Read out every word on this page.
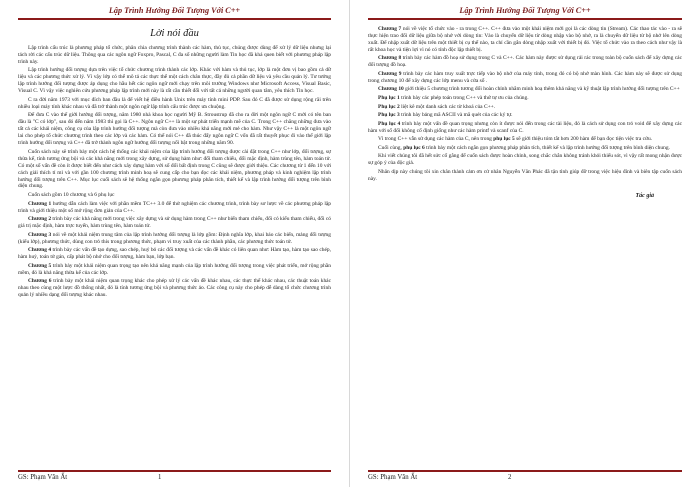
Lập Trình Hướng Đối Tượng Với C++
Lời nói đầu

Lập trình cấu trúc là phương pháp tổ chức, phân chia chương trình thành các hàm, thủ tục, chúng được dùng để xử lý dữ liệu nhưng lại tách rời các cấu trúc dữ liệu. Thông qua các ngôn ngữ Foxpro, Pascal, C đa số những người làm Tin học đã khá quen biết với phương pháp lập trình này.

Lập trình hướng đối tượng dựa trên việc tổ chức chương trình thành các lớp. Khác với hàm và thủ tục, lớp là một đơn vị bao gồm cả dữ liệu và các phương thức xử lý. Vì vậy lớp có thể mô tả các thực thể một cách chân thực, đầy đủ cả phần dữ liệu và yêu cầu quản lý. Tư tưởng lập trình hướng đối tượng được áp dụng cho hầu hết các ngôn ngữ mới chạy trên môi trường Windows như Microsoft Access, Visual Basic, Visual C. Vì vậy việc nghiên cứu phương pháp lập trình mới này là rất cần thiết đối với tất cả những người quan tâm, yêu thích Tin học.

C ra đời năm 1973 với mục đích ban đầu là để viết hệ điều hành Unix trên máy tính mini PDP. Sau đó C đã được sử dụng rộng rãi trên nhiều loại máy tính khác nhau và đã trở thành một ngôn ngữ lập trình cấu trúc được ưa chuộng.

Để đưa C vào thế giới hướng đối tượng, năm 1980 nhà khoa học người Mỹ B. Stroustrup đã cho ra đời một ngôn ngữ C mới có tên ban đầu là "C có lớp", sau đó đến năm 1983 thì gọi là C++. Ngôn ngữ C++ là một sự phát triển mạnh mẽ của C. Trong C++ chẳng những đưa vào tất cả các khái niệm, công cụ của lập trình hướng đối tượng mà còn đưa vào nhiều khả năng mới mẻ cho hàm. Như vậy C++ là một ngôn ngữ lai cho phép tổ chức chương trình theo các lớp và các hàm. Có thể nói C++ đã thúc đẩy ngôn ngữ C vốn đã rất thuyết phục đi vào thế giới lập trình hướng đối tượng và C++ đã trở thành ngôn ngữ hướng đối tượng nổi bật trong những năm 90.

Cuốn sách này sẽ trình bày một cách hệ thống các khái niệm của lập trình hướng đối tượng được cài đặt trong C++ như lớp, đối tượng, sự thừa kế, tính tương ứng bội và các khả năng mới trong xây dựng, sử dụng hàm như: đối tham chiếu, đối mặc định, hàm trùng tên, hàm toán tử. Có một số vấn đề còn ít được biết đến như cách xây dựng hàm với số đối bất định trong C cũng sẽ được giới thiệu. Các chương từ 1 đến 10 với cách giải thích tỉ mỉ và với gần 100 chương trình minh hoạ sẽ cung cấp cho bạn đọc các khái niệm, phương pháp và kinh nghiệm lập trình hướng đối tượng trên C++. Mục lục cuối sách sẽ hệ thống ngắn gọn phương pháp phân tích, thiết kế và lập trình hướng đối tượng trên bình diện chung.

Cuốn sách gồm 10 chương và 6 phụ lục

Chương 1 hướng dẫn cách làm việc với phần mềm TC++ 3.0 để thử nghiệm các chương trình, trình bày sơ lược về các phương pháp lập trình và giới thiệu một số mở rộng đơn giản của C++.

Chương 2 trình bày các khả năng mới trong việc xây dựng và sử dụng hàm trong C++ như biến tham chiếu, đối có kiểu tham chiếu, đối có giá trị mặc định, hàm trực tuyến, hàm trùng tên, hàm toán tử.

Chương 3 nói về một khái niệm trung tâm của lập trình hướng đối tượng là lớp gồm: Định nghĩa lớp, khai báo các biến, mảng đối tượng (kiểu lớp), phương thức, dùng con trỏ this trong phương thức, phạm vi truy xuất của các thành phần, các phương thức toán tử.

Chương 4 trình bày các vấn đề tạo dựng, sao chép, huỷ bỏ các đối tượng và các vấn đề khác có liên quan như: Hàm tạo, hàm tạo sao chép, hàm huỷ, toán tử gán, cấp phát bộ nhớ cho đối tượng, hàm bạn, lớp bạn.

Chương 5 trình bày một khái niệm quan trọng tạo nên khả năng mạnh của lập trình hướng đối tượng trong việc phát triển, mở rộng phần mềm, đó là khả năng thừa kế của các lớp.

Chương 6 trình bày một khái niệm quan trọng khác cho phép xử lý các vấn đề khác nhau, các thực thể khác nhau, các thuật toán khác nhau theo cùng một lược đồ thống nhất, đó là tính tương ứng bội và phương thức ảo. Các công cụ này cho phép dễ dàng tổ chức chương trình quản lý nhiều dạng đối tượng khác nhau.

GS: Phạm Văn Ất	1
Lập Trình Hướng Đối Tượng Với C++

Chương 7 nói về việc tổ chức vào - ra trong C++. C++ đưa vào một khái niệm mới gọi là các dòng tin (Stream). Các thao tác vào - ra sẽ thực hiện trao đổi dữ liệu giữa bộ nhớ với dòng tin: Vào là chuyển dữ liệu từ dòng nhập vào bộ nhớ, ra là chuyển dữ liệu từ bộ nhớ lên dòng xuất. Để nhập xuất dữ liệu trên một thiết bị cụ thể nào, ta chỉ cần gắn dòng nhập xuất với thiết bị đó. Việc tổ chức vào ra theo cách như vậy là rất khoa học và tiện lợi vì nó có tính độc lập thiết bị.

Chương 8 trình bày các hàm đồ hoạ sử dụng trong C và C++. Các hàm này được sử dụng rải rác trong toàn bộ cuốn sách để xây dựng các đối tượng đồ hoạ.

Chương 9 trình bày các hàm truy xuất trực tiếp vào bộ nhớ của máy tính, trong đó có bộ nhớ màn hình. Các hàm này sẽ được sử dụng trong chương 10 để xây dựng các lớp menu và cửa sổ .

Chương 10 giới thiệu 5 chương trình tương đối hoàn chỉnh nhằm minh hoạ thêm khả năng và kỹ thuật lập trình hướng đối tượng trên C++

Phụ lục 1 trình bày các phép toán trong C++ và thứ tự ưu của chúng.

Phụ lục 2 liệt kê một danh sách các từ khoá của C++.

Phụ lục 3 trình bày bảng mã ASCII và mã quét của các ký tự.

Phụ lục 4 trình bày một vấn đề quan trọng nhưng còn ít được nói đến trong các tài liệu, đó là cách sử dụng con trỏ void để xây dựng các hàm với số đối không cố định giống như các hàm printf và scanf của C.

Vì trong C++ vẫn sử dụng các hàm của C, nên trong phụ lục 5 sẽ giới thiệu tóm tắt hơn 200 hàm để bạn đọc tiện việc tra cứu.

Cuối cùng, phụ lục 6 trình bày một cách ngắn gọn phương pháp phân tích, thiết kế và lập trình hướng đối tượng trên bình diện chung.

Khi viết chúng tôi đã hết sức cố gắng để cuốn sách được hoàn chỉnh, song chắc chắn không tránh khỏi thiếu sót, vì vậy rất mong nhận được sự góp ý của độc giả.

Nhân dịp này chúng tôi xin chân thành cảm ơn cử nhân Nguyễn Văn Phác đã tận tình giúp đỡ trong việc hiệu đính và biên tập cuốn sách này.

Tác giả
GS: Phạm Văn Ất	2
